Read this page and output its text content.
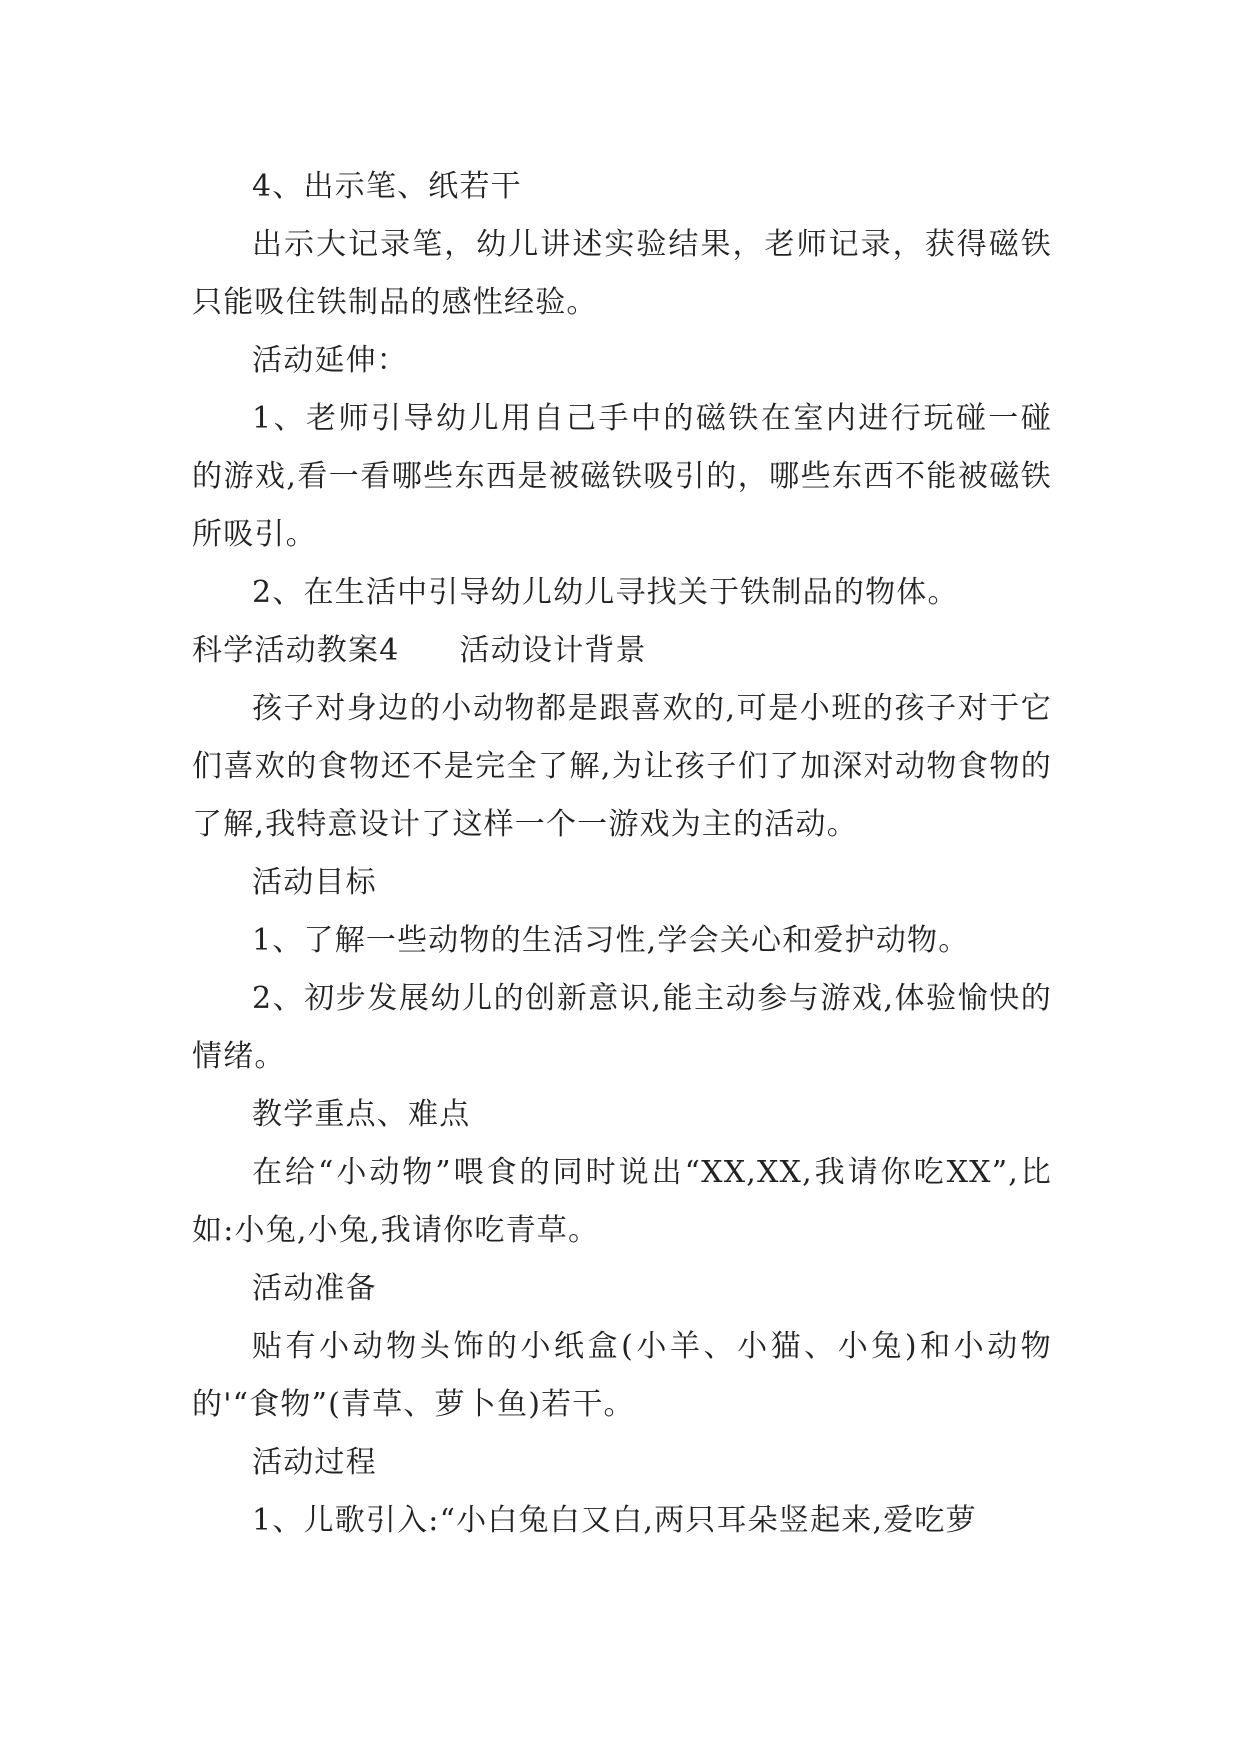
4、出示笔、纸若干

出示大记录笔，幼儿讲述实验结果，老师记录，获得磁铁只能吸住铁制品的感性经验。

活动延伸：

1、老师引导幼儿用自己手中的磁铁在室内进行玩碰一碰的游戏,看一看哪些东西是被磁铁吸引的，哪些东西不能被磁铁所吸引。

2、在生活中引导幼儿幼儿寻找关于铁制品的物体。

科学活动教案4 活动设计背景

孩子对身边的小动物都是跟喜欢的,可是小班的孩子对于它们喜欢的食物还不是完全了解,为让孩子们了加深对动物食物的了解,我特意设计了这样一个一游戏为主的活动。

活动目标

1、了解一些动物的生活习性,学会关心和爱护动物。

2、初步发展幼儿的创新意识,能主动参与游戏,体验愉快的情绪。

教学重点、难点

在给“小动物”喂食的同时说出“XX,XX,我请你吃XX”,比如:小兔,小兔,我请你吃青草。

活动准备

贴有小动物头饰的小纸盒(小羊、小猫、小兔)和小动物的'“食物”(青草、萝卜鱼)若干。

活动过程

1、儿歌引入:“小白兔白又白,两只耳朵竖起来,爱吃萝
